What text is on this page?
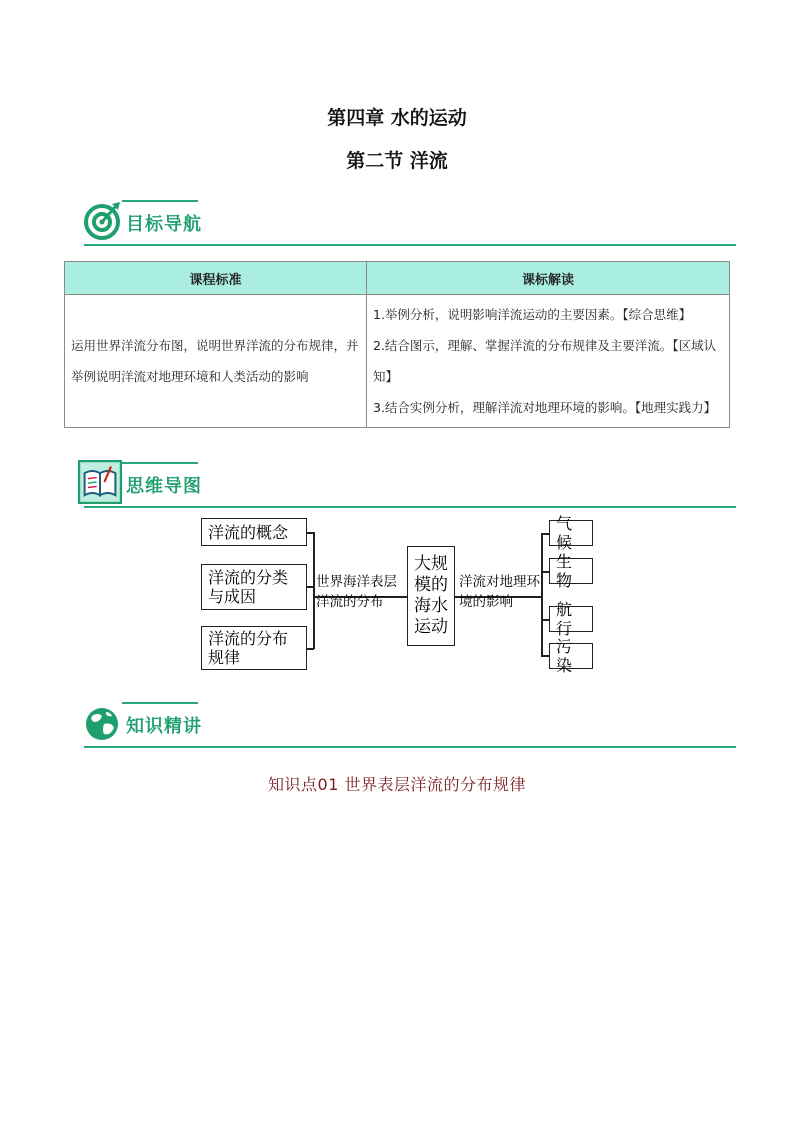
第四章 水的运动
第二节 洋流
目标导航
课程标准	课标解读
运用世界洋流分布图，说明世界洋流的分布规律，并举例说明洋流对地理环境和人类活动的影响	1.举例分析，说明影响洋流运动的主要因素。【综合思维】
2.结合图示，理解、掌握洋流的分布规律及主要洋流。【区域认知】
3.结合实例分析，理解洋流对地理环境的影响。【地理实践力】
思维导图
洋流的概念
洋流的分类与成因
洋流的分布规律
世界海洋表层洋流的分布
大规模的海水运动
洋流对地理环境的影响
气候
生物
航行
污染
知识精讲
知识点01 世界表层洋流的分布规律
